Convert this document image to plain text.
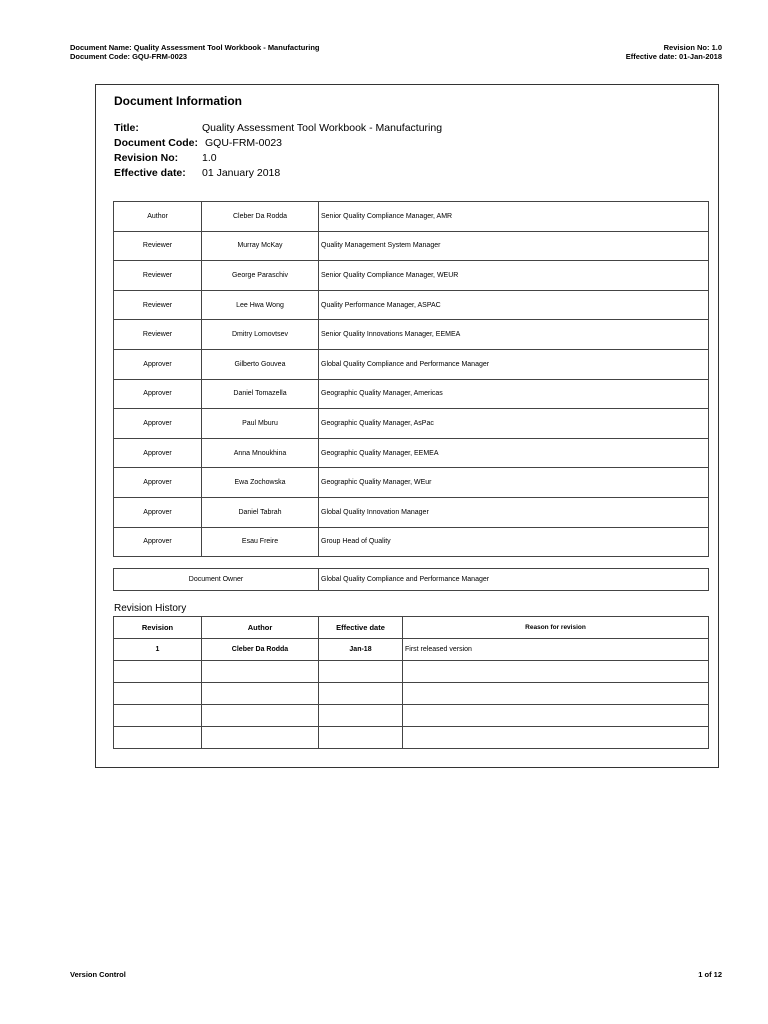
Document Name: Quality Assessment Tool Workbook - Manufacturing
Document Code: GQU-FRM-0023
Revision No: 1.0
Effective date: 01-Jan-2018
Document Information
Title:	Quality Assessment Tool Workbook - Manufacturing
Document Code: GQU-FRM-0023
Revision No: 1.0
Effective date: 01 January 2018
Author	Cleber Da Rodda	Senior Quality Compliance Manager, AMR
Reviewer	Murray McKay	Quality Management System Manager
Reviewer	George Paraschiv	Senior Quality Compliance Manager, WEUR
Reviewer	Lee Hwa Wong	Quality Performance Manager, ASPAC
Reviewer	Dmitry Lomovtsev	Senior Quality Innovations Manager, EEMEA
Approver	Gilberto Gouvea	Global Quality Compliance and Performance Manager
Approver	Daniel Tomazella	Geographic Quality Manager, Americas
Approver	Paul Mburu	Geographic Quality Manager, AsPac
Approver	Anna Mnoukhina	Geographic Quality Manager, EEMEA
Approver	Ewa Zochowska	Geographic Quality Manager, WEur
Approver	Daniel Tabrah	Global Quality Innovation Manager
Approver	Esau Freire	Group Head of Quality
Document Owner	Global Quality Compliance and Performance Manager
Revision History
Revision	Author	Effective date	Reason for revision
1	Cleber Da Rodda	Jan-18	First released version

Version Control	1 of 12
